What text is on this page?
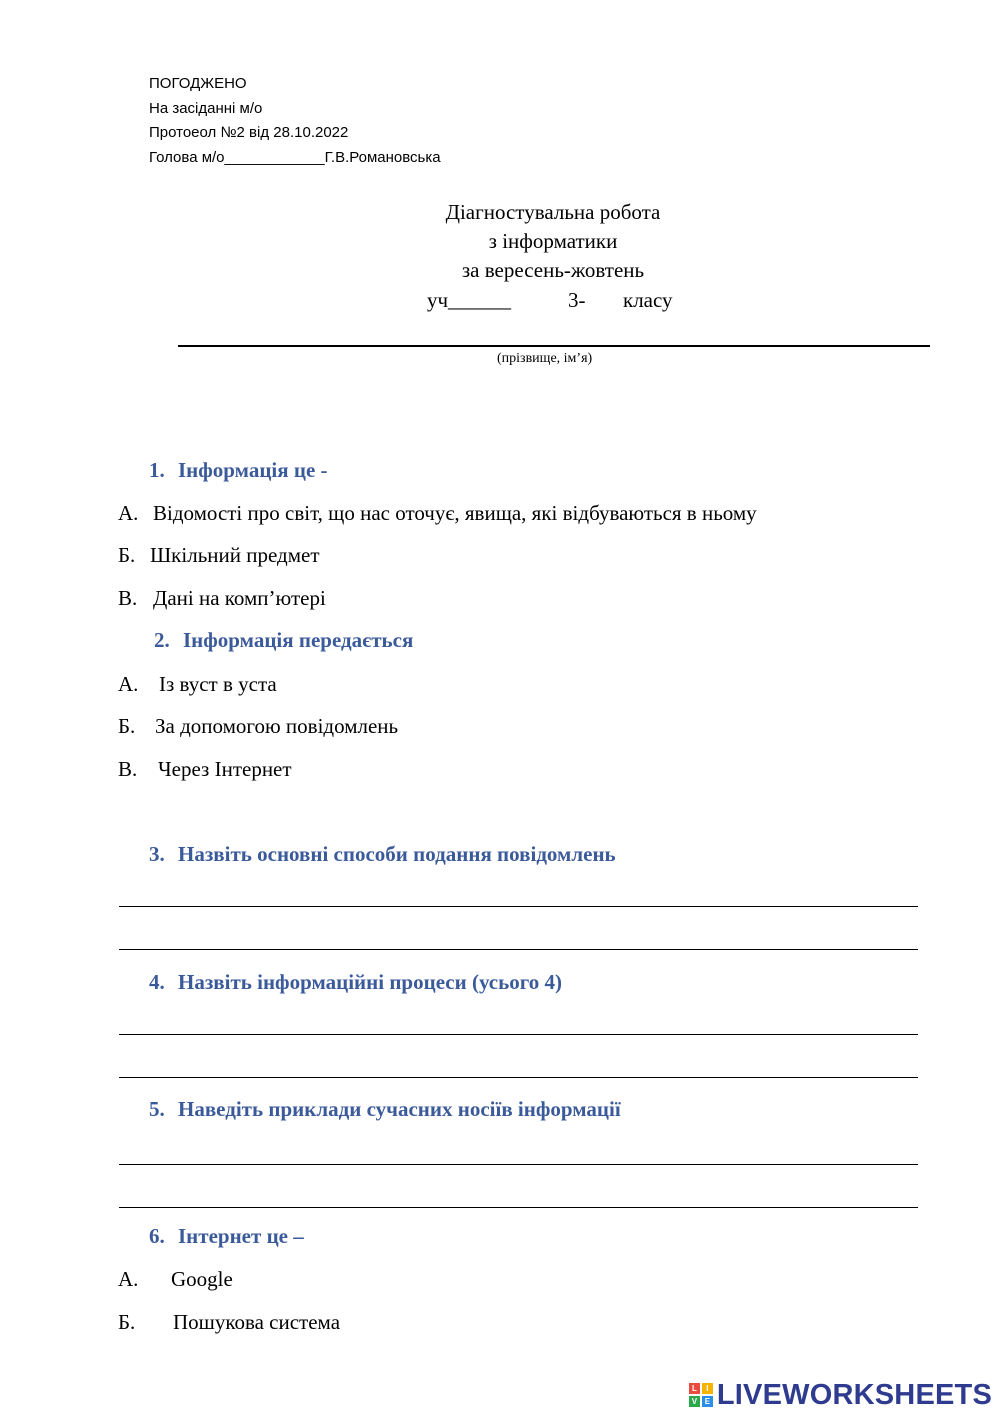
ПОГОДЖЕНО
На засіданні м/о
Протоеол №2 від 28.10.2022
Голова м/о____________Г.В.Романовська
Діагностувальна робота
з інформатики
за вересень-жовтень
уч______	3- класу
(прізвище, ім’я)
1. Інформація це -
А. Відомості про світ, що нас оточує, явища, які відбуваються в ньому
Б. Шкільний предмет
В. Дані на комп’ютері
2. Інформація передається
А. Із вуст в уста
Б. За допомогою повідомлень
В. Через Інтернет
3. Назвіть основні способи подання повідомлень
4. Назвіть інформаційні процеси (усього 4)
5. Наведіть приклади сучасних носіїв інформації
6. Інтернет це –
А. Google
Б. Пошукова система
L	I
V E LIVEWORKSHEETS
